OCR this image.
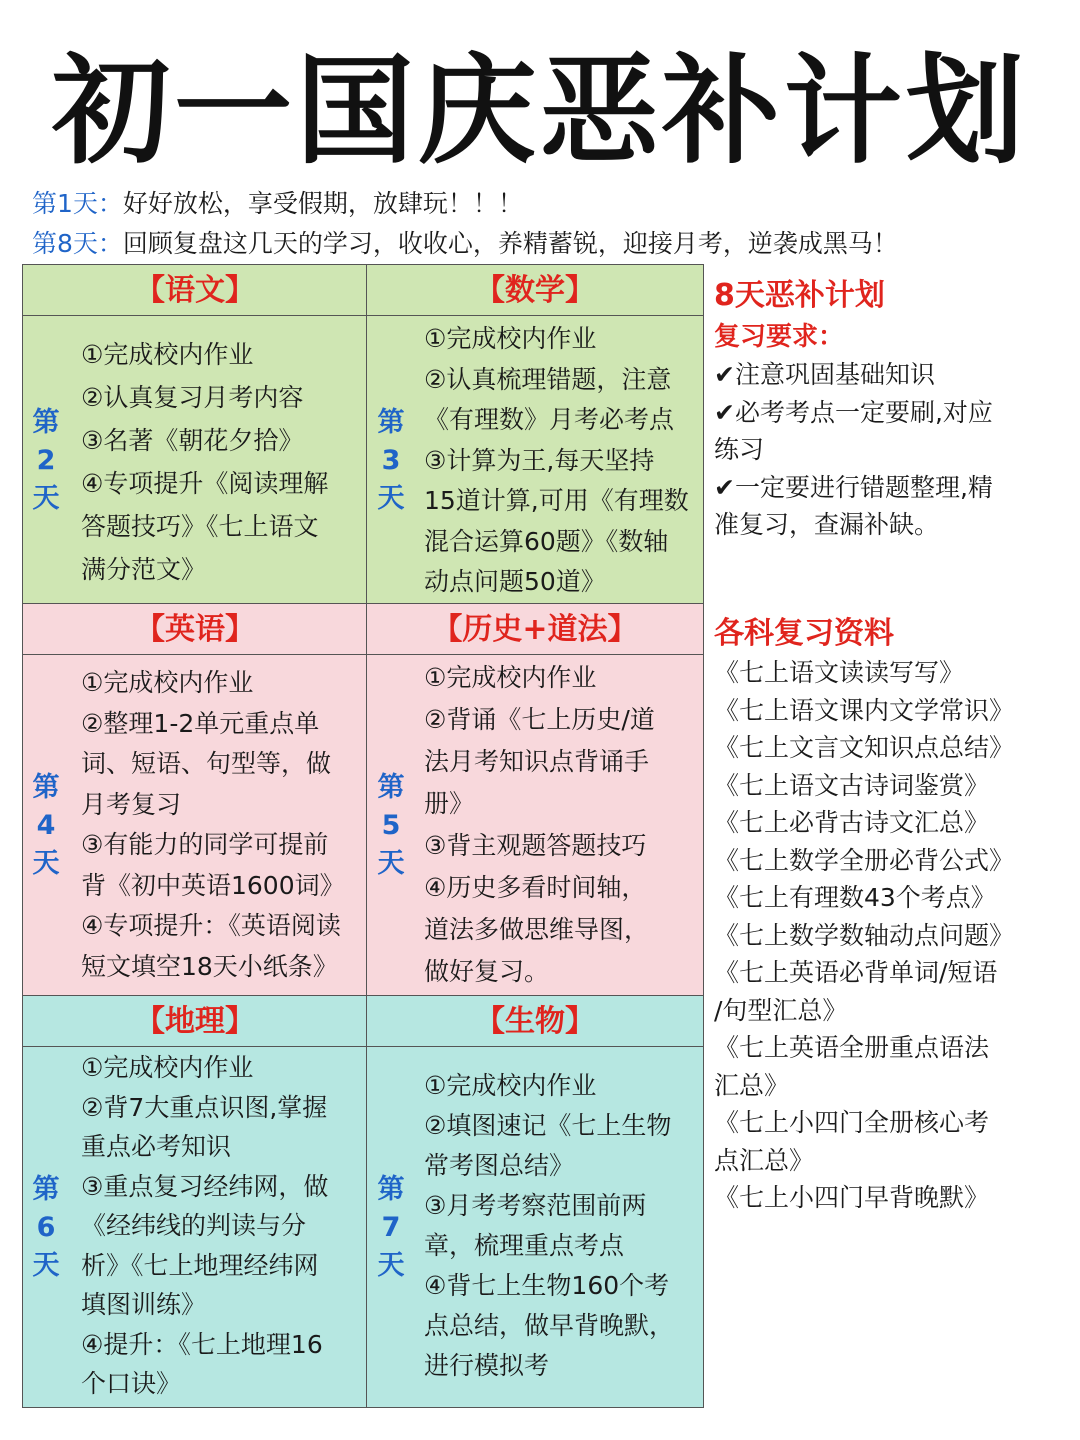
初一国庆恶补计划
第1天：好好放松，享受假期，放肆玩！！！
第8天：回顾复盘这几天的学习，收收心，养精蓄锐，迎接月考，逆袭成黑马！
【语文】	【数学】
第
2
天
①完成校内作业
②认真复习月考内容
③名著《朝花夕拾》
④专项提升《阅读理解
答题技巧》《七上语文
满分范文》
第
3
天
①完成校内作业
②认真梳理错题，注意
《有理数》月考必考点
③计算为王,每天坚持
15道计算,可用《有理数
混合运算60题》《数轴
动点问题50道》
【英语】	【历史+道法】
第
4
天
①完成校内作业
②整理1-2单元重点单
词、短语、句型等，做
月考复习
③有能力的同学可提前
背《初中英语1600词》
④专项提升：《英语阅读
短文填空18天小纸条》
第
5
天
①完成校内作业
②背诵《七上历史/道
法月考知识点背诵手
册》
③背主观题答题技巧
④历史多看时间轴，
道法多做思维导图，
做好复习。
【地理】	【生物】
第
6
天
①完成校内作业
②背7大重点识图,掌握
重点必考知识
③重点复习经纬网，做
《经纬线的判读与分
析》《七上地理经纬网
填图训练》
④提升：《七上地理16
个口诀》
第
7
天
①完成校内作业
②填图速记《七上生物
常考图总结》
③月考考察范围前两
章，梳理重点考点
④背七上生物160个考
点总结，做早背晚默，
进行模拟考
8天恶补计划
复习要求：
✔注意巩固基础知识
✔必考考点一定要刷,对应
练习
✔一定要进行错题整理,精
准复习，查漏补缺。
各科复习资料
《七上语文读读写写》
《七上语文课内文学常识》
《七上文言文知识点总结》
《七上语文古诗词鉴赏》
《七上必背古诗文汇总》
《七上数学全册必背公式》
《七上有理数43个考点》
《七上数学数轴动点问题》
《七上英语必背单词/短语
/句型汇总》
《七上英语全册重点语法
汇总》
《七上小四门全册核心考
点汇总》
《七上小四门早背晚默》
